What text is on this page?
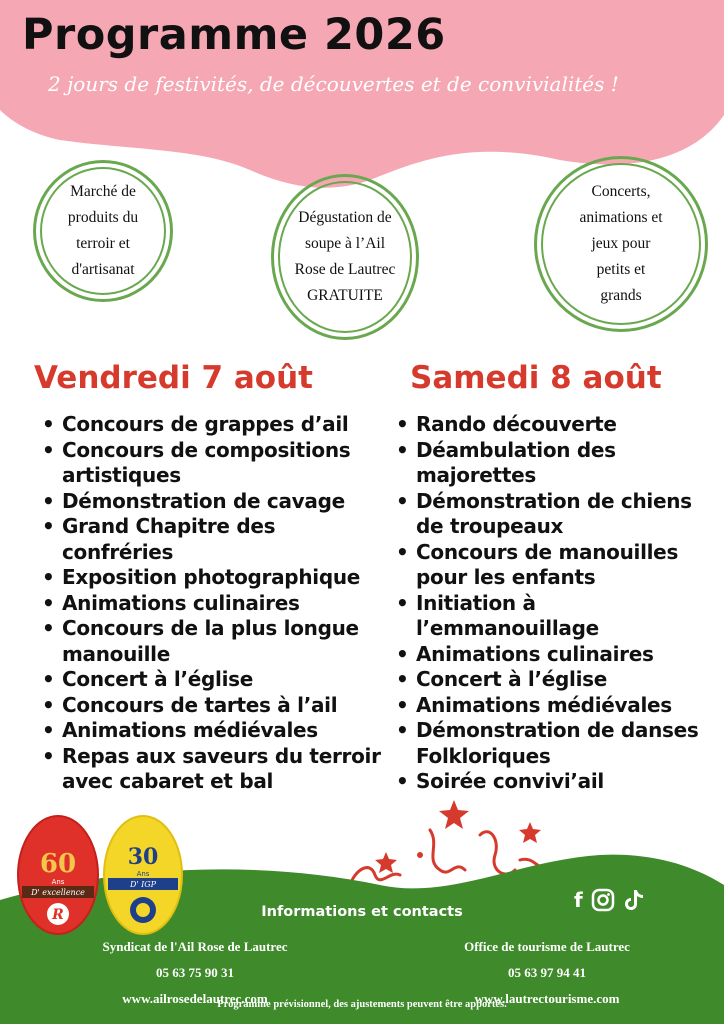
Programme 2026
2 jours de festivités, de découvertes et de convivialités !
Marché de produits du terroir et d'artisanat
Dégustation de soupe à l’Ail Rose de Lautrec GRATUITE
Concerts, animations et jeux pour petits et grands
Vendredi 7 août	Samedi 8 août
• Concours de grappes d’ail
• Concours de compositions artistiques
• Démonstration de cavage
• Grand Chapitre des confréries
• Exposition photographique
• Animations culinaires
• Concours de la plus longue manouille
• Concert à l’église
• Concours de tartes à l’ail
• Animations médiévales
• Repas aux saveurs du terroir avec cabaret et bal
• Rando découverte
• Déambulation des majorettes
• Démonstration de chiens de troupeaux
• Concours de manouilles pour les enfants
• Initiation à l’emmanouillage
• Animations culinaires
• Concert à l’église
• Animations médiévales
• Démonstration de danses Folkloriques
• Soirée convivi’ail
60
Ans
D' excellence
R
30
Ans
D' IGP
f
Informations et contacts
Syndicat de l'Ail Rose de Lautrec
05 63 75 90 31
www.ailrosedelautrec.com
Office de tourisme de Lautrec
05 63 97 94 41
www.lautrectourisme.com
Programme prévisionnel, des ajustements peuvent être apportés.
